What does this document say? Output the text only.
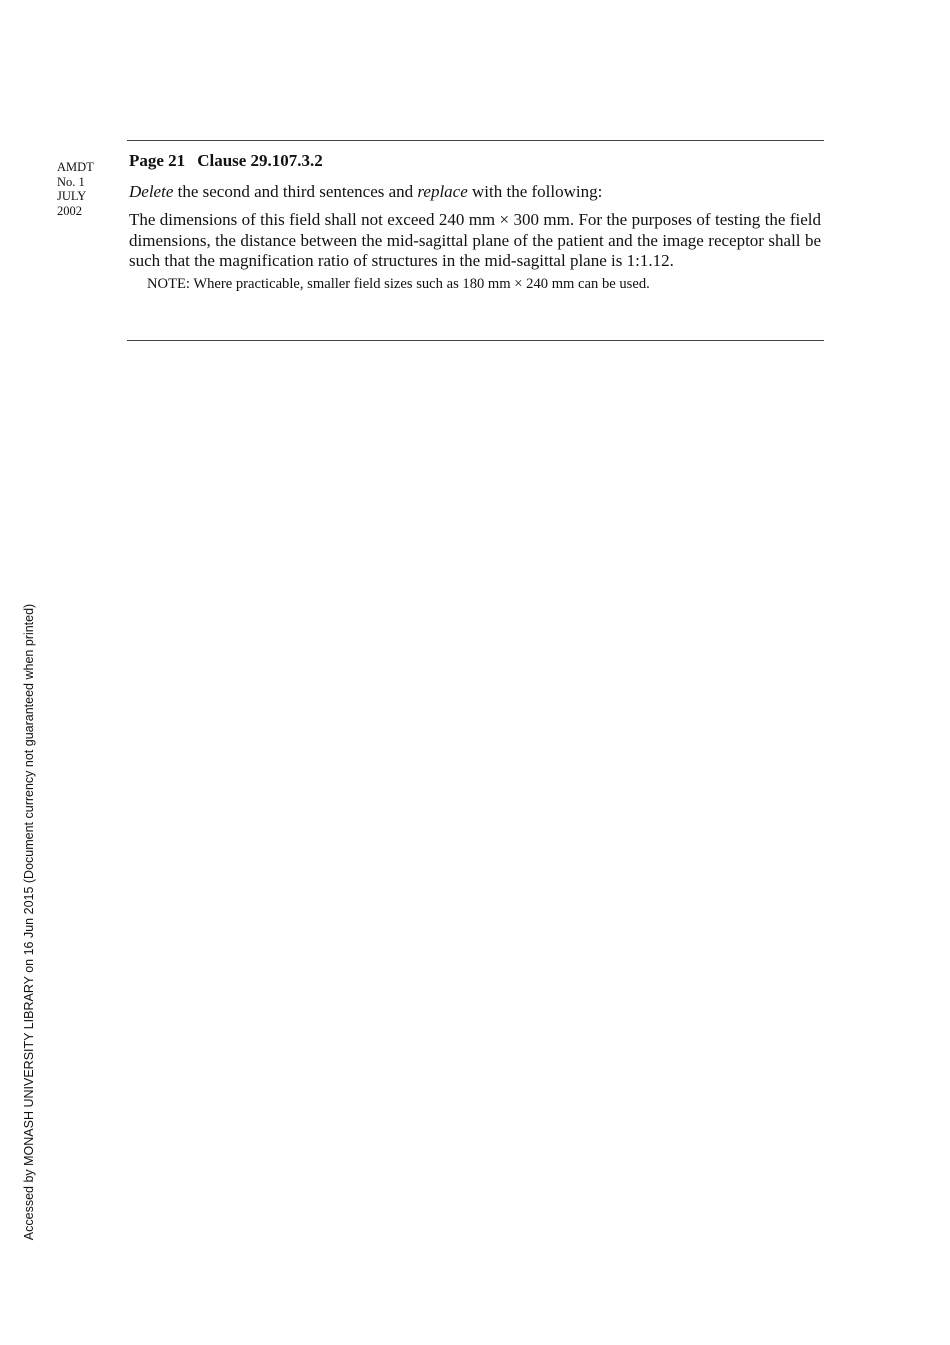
AMDT
No. 1
JULY
2002

Page 21 Clause 29.107.3.2

Delete the second and third sentences and replace with the following:

The dimensions of this field shall not exceed 240 mm × 300 mm. For the purposes of testing the field dimensions, the distance between the mid-sagittal plane of the patient and the image receptor shall be such that the magnification ratio of structures in the mid-sagittal plane is 1:1.12.

NOTE: Where practicable, smaller field sizes such as 180 mm × 240 mm can be used.

Accessed by MONASH UNIVERSITY LIBRARY on 16 Jun 2015 (Document currency not guaranteed when printed)
